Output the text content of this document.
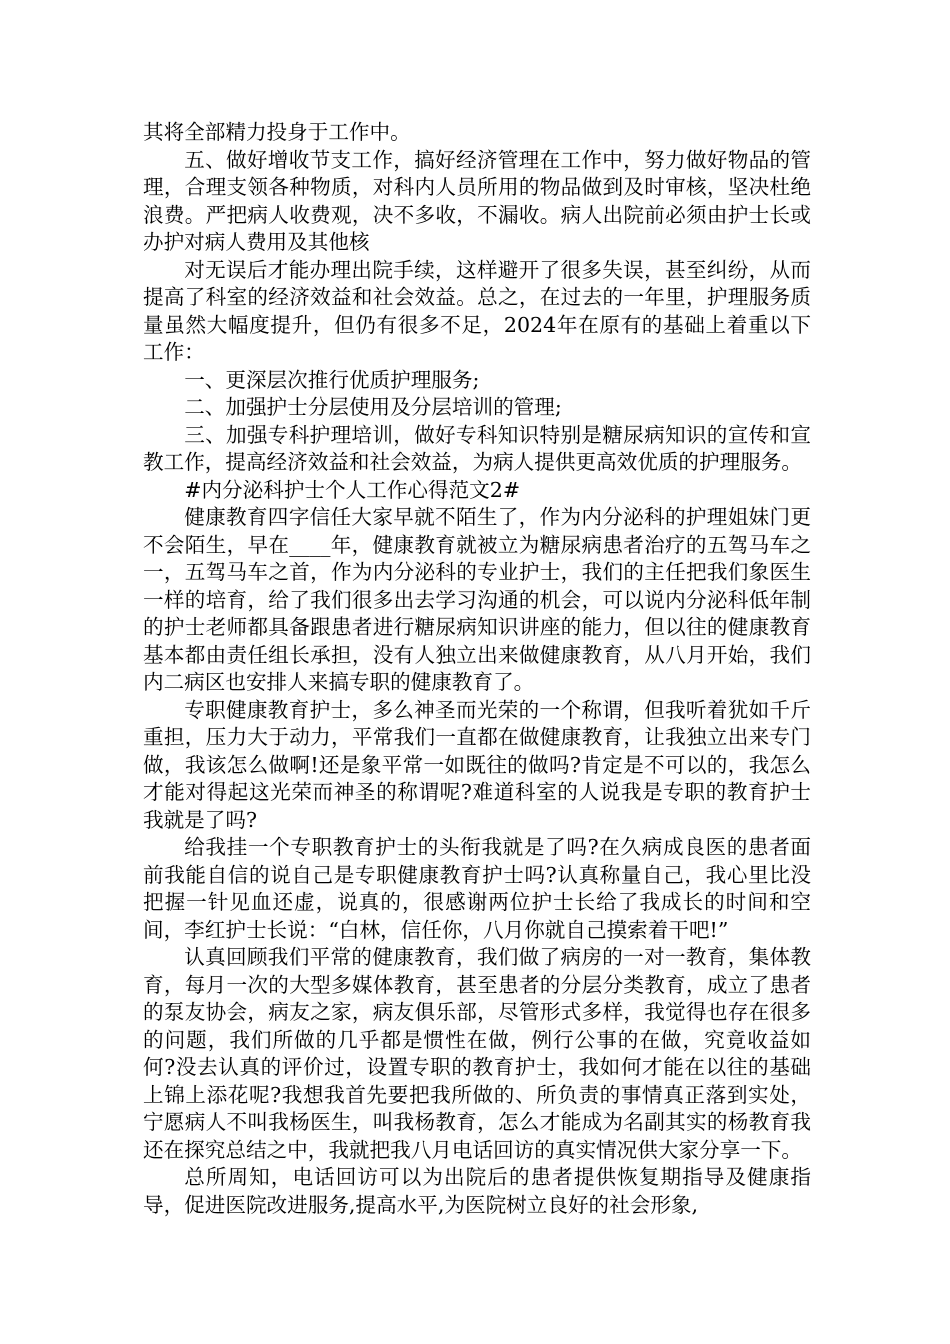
其将全部精力投身于工作中。

五、做好增收节支工作，搞好经济管理在工作中，努力做好物品的管理，合理支领各种物质，对科内人员所用的物品做到及时审核，坚决杜绝浪费。严把病人收费观，决不多收，不漏收。病人出院前必须由护士长或办护对病人费用及其他核

对无误后才能办理出院手续，这样避开了很多失误，甚至纠纷，从而提高了科室的经济效益和社会效益。总之，在过去的一年里，护理服务质量虽然大幅度提升，但仍有很多不足，2024年在原有的基础上着重以下工作：

一、更深层次推行优质护理服务;

二、加强护士分层使用及分层培训的管理;

三、加强专科护理培训，做好专科知识特别是糖尿病知识的宣传和宣教工作，提高经济效益和社会效益，为病人提供更高效优质的护理服务。

#内分泌科护士个人工作心得范文2#

健康教育四字信任大家早就不陌生了，作为内分泌科的护理姐妹门更不会陌生，早在____年，健康教育就被立为糖尿病患者治疗的五驾马车之一，五驾马车之首，作为内分泌科的专业护士，我们的主任把我们象医生一样的培育，给了我们很多出去学习沟通的机会，可以说内分泌科低年制的护士老师都具备跟患者进行糖尿病知识讲座的能力，但以往的健康教育基本都由责任组长承担，没有人独立出来做健康教育，从八月开始，我们内二病区也安排人来搞专职的健康教育了。

专职健康教育护士，多么神圣而光荣的一个称谓，但我听着犹如千斤重担，压力大于动力，平常我们一直都在做健康教育，让我独立出来专门做，我该怎么做啊!还是象平常一如既往的做吗?肯定是不可以的，我怎么才能对得起这光荣而神圣的称谓呢?难道科室的人说我是专职的教育护士我就是了吗?

给我挂一个专职教育护士的头衔我就是了吗?在久病成良医的患者面前我能自信的说自己是专职健康教育护士吗?认真称量自己，我心里比没把握一针见血还虚，说真的，很感谢两位护士长给了我成长的时间和空间，李红护士长说：“白林，信任你，八月你就自己摸索着干吧!”

认真回顾我们平常的健康教育，我们做了病房的一对一教育，集体教育，每月一次的大型多媒体教育，甚至患者的分层分类教育，成立了患者的泵友协会，病友之家，病友俱乐部，尽管形式多样，我觉得也存在很多的问题，我们所做的几乎都是惯性在做，例行公事的在做，究竟收益如何?没去认真的评价过，设置专职的教育护士，我如何才能在以往的基础上锦上添花呢?我想我首先要把我所做的、所负责的事情真正落到实处，宁愿病人不叫我杨医生，叫我杨教育，怎么才能成为名副其实的杨教育我还在探究总结之中，我就把我八月电话回访的真实情况供大家分享一下。

总所周知，电话回访可以为出院后的患者提供恢复期指导及健康指导，促进医院改进服务,提高水平,为医院树立良好的社会形象,
